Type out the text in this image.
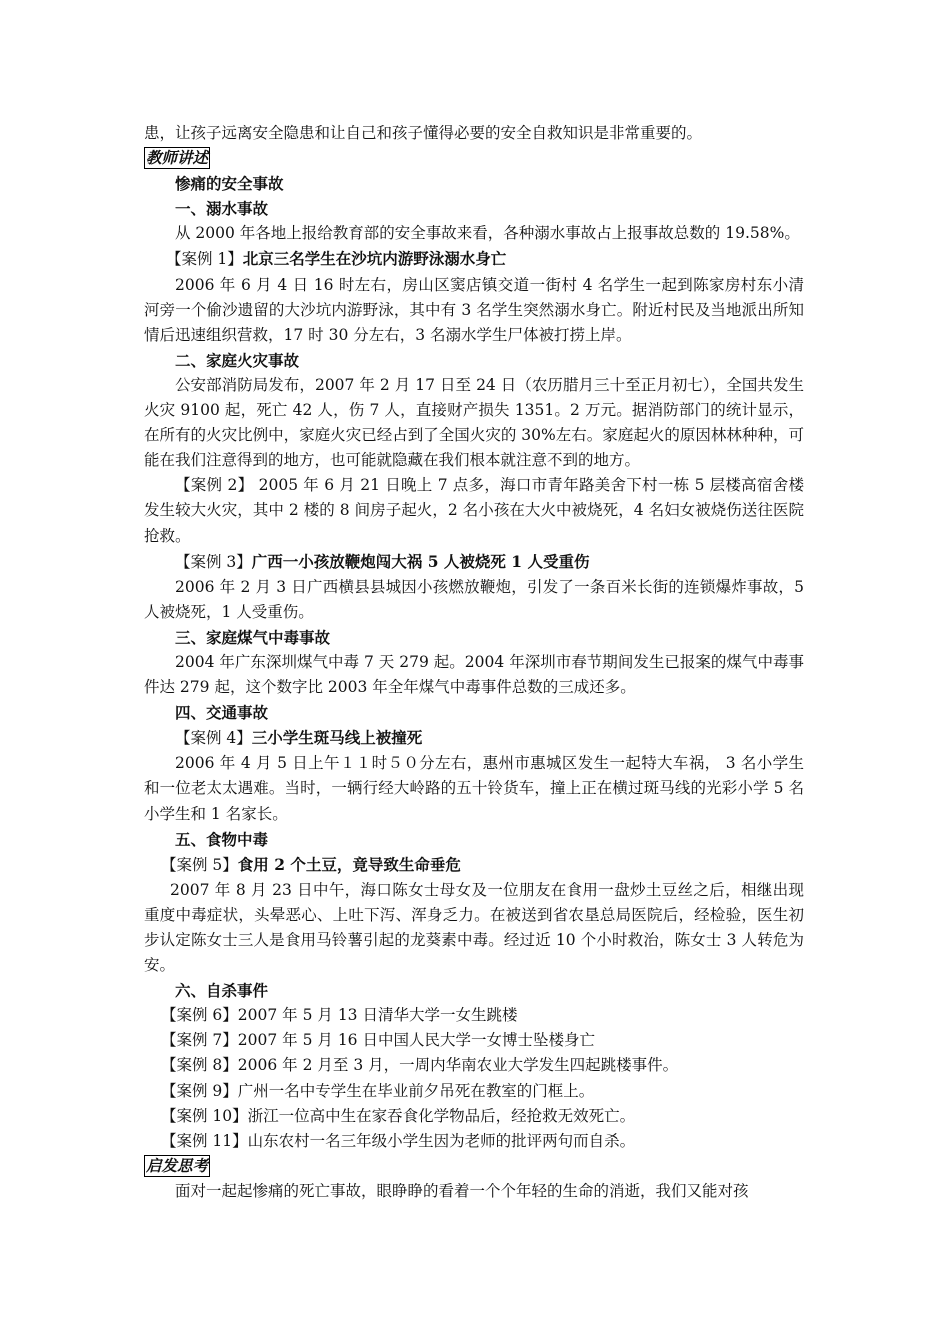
患，让孩子远离安全隐患和让自己和孩子懂得必要的安全自救知识是非常重要的。

教师讲述

惨痛的安全事故

一、溺水事故

从 2000 年各地上报给教育部的安全事故来看，各种溺水事故占上报事故总数的 19.58%。

【案例 1】北京三名学生在沙坑内游野泳溺水身亡

2006 年 6 月 4 日 16 时左右，房山区窦店镇交道一街村 4 名学生一起到陈家房村东小清河旁一个偷沙遗留的大沙坑内游野泳，其中有 3 名学生突然溺水身亡。附近村民及当地派出所知情后迅速组织营救，17 时 30 分左右，3 名溺水学生尸体被打捞上岸。

二、家庭火灾事故

公安部消防局发布，2007 年 2 月 17 日至 24 日（农历腊月三十至正月初七），全国共发生火灾 9100 起，死亡 42 人，伤 7 人，直接财产损失 1351。2 万元。据消防部门的统计显示，在所有的火灾比例中，家庭火灾已经占到了全国火灾的 30%左右。家庭起火的原因林林种种，可能在我们注意得到的地方，也可能就隐藏在我们根本就注意不到的地方。

【案例 2】 2005 年 6 月 21 日晚上 7 点多，海口市青年路美舍下村一栋 5 层楼高宿舍楼发生较大火灾，其中 2 楼的 8 间房子起火，2 名小孩在大火中被烧死，4 名妇女被烧伤送往医院抢救。

【案例 3】广西一小孩放鞭炮闯大祸 5 人被烧死 1 人受重伤

2006 年 2 月 3 日广西横县县城因小孩燃放鞭炮，引发了一条百米长街的连锁爆炸事故，5 人被烧死，1 人受重伤。

三、家庭煤气中毒事故

2004 年广东深圳煤气中毒 7 天 279 起。2004 年深圳市春节期间发生已报案的煤气中毒事件达 279 起，这个数字比 2003 年全年煤气中毒事件总数的三成还多。

四、交通事故

【案例 4】三小学生斑马线上被撞死

2006 年 4 月 5 日上午１１时５０分左右，惠州市惠城区发生一起特大车祸， 3 名小学生和一位老太太遇难。当时，一辆行经大岭路的五十铃货车，撞上正在横过斑马线的光彩小学 5 名小学生和 1 名家长。

五、食物中毒

【案例 5】食用 2 个土豆，竟导致生命垂危

2007 年 8 月 23 日中午，海口陈女士母女及一位朋友在食用一盘炒土豆丝之后，相继出现重度中毒症状，头晕恶心、上吐下泻、浑身乏力。在被送到省农垦总局医院后，经检验，医生初步认定陈女士三人是食用马铃薯引起的龙葵素中毒。经过近 10 个小时救治，陈女士 3 人转危为安。

六、自杀事件

【案例 6】2007 年 5 月 13 日清华大学一女生跳楼

【案例 7】2007 年 5 月 16 日中国人民大学一女博士坠楼身亡

【案例 8】2006 年 2 月至 3 月，一周内华南农业大学发生四起跳楼事件。

【案例 9】广州一名中专学生在毕业前夕吊死在教室的门框上。

【案例 10】浙江一位高中生在家吞食化学物品后，经抢救无效死亡。

【案例 11】山东农村一名三年级小学生因为老师的批评两句而自杀。

启发思考

面对一起起惨痛的死亡事故，眼睁睁的看着一个个年轻的生命的消逝，我们又能对孩
